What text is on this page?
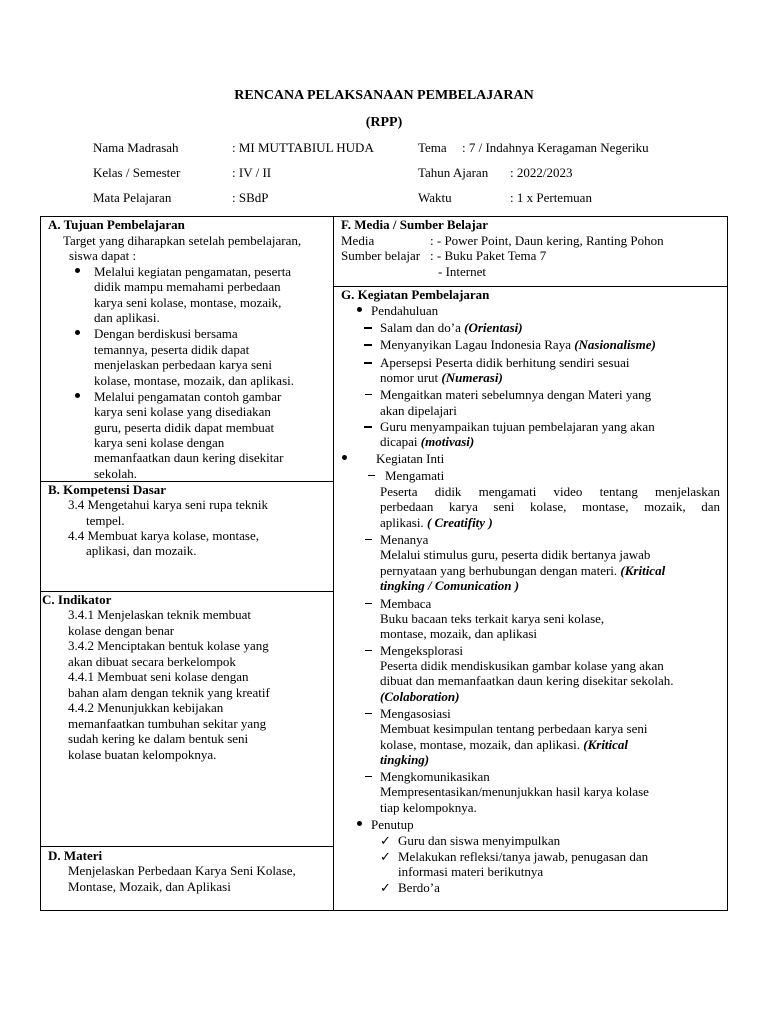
RENCANA PELAKSANAAN PEMBELAJARAN
(RPP)
Nama Madrasah	: MI MUTTABIUL HUDA
Kelas / Semester	: IV / II
Mata Pelajaran	: SBdP
Tema : 7 / Indahnya Keragaman Negeriku
Tahun Ajaran : 2022/2023
Waktu	: 1 x Pertemuan
A. Tujuan Pembelajaran
Target yang diharapkan setelah pembelajaran,
siswa dapat :
Melalui kegiatan pengamatan, peserta
didik mampu memahami perbedaan
karya seni kolase, montase, mozaik,
dan aplikasi.
Dengan berdiskusi bersama
temannya, peserta didik dapat
menjelaskan perbedaan karya seni
kolase, montase, mozaik, dan aplikasi.
Melalui pengamatan contoh gambar
karya seni kolase yang disediakan
guru, peserta didik dapat membuat
karya seni kolase dengan
memanfaatkan daun kering disekitar
sekolah.
B. Kompetensi Dasar
3.4 Mengetahui karya seni rupa teknik
tempel.
4.4 Membuat karya kolase, montase,
aplikasi, dan mozaik.
C. Indikator
3.4.1 Menjelaskan teknik membuat
kolase dengan benar
3.4.2 Menciptakan bentuk kolase yang
akan dibuat secara berkelompok
4.4.1 Membuat seni kolase dengan
bahan alam dengan teknik yang kreatif
4.4.2 Menunjukkan kebijakan
memanfaatkan tumbuhan sekitar yang
sudah kering ke dalam bentuk seni
kolase buatan kelompoknya.
D. Materi
Menjelaskan Perbedaan Karya Seni Kolase,
Montase, Mozaik, dan Aplikasi
F. Media / Sumber Belajar
Media	: - Power Point, Daun kering, Ranting Pohon
Sumber belajar : - Buku Paket Tema 7
- Internet
G. Kegiatan Pembelajaran
Pendahuluan
Salam dan do’a (Orientasi)
Menyanyikan Lagau Indonesia Raya (Nasionalisme)
Apersepsi Peserta didik berhitung sendiri sesuai
nomor urut (Numerasi)
Mengaitkan materi sebelumnya dengan Materi yang
akan dipelajari
Guru menyampaikan tujuan pembelajaran yang akan
dicapai (motivasi)
Kegiatan Inti
Mengamati
Peserta didik mengamati video tentang menjelaskan
perbedaan karya seni kolase, montase, mozaik, dan
aplikasi. ( Creatifity )
Menanya
Melalui stimulus guru, peserta didik bertanya jawab
pernyataan yang berhubungan dengan materi. (Kritical
tingking / Comunication )
Membaca
Buku bacaan teks terkait karya seni kolase,
montase, mozaik, dan aplikasi
Mengeksplorasi
Peserta didik mendiskusikan gambar kolase yang akan
dibuat dan memanfaatkan daun kering disekitar sekolah.
(Colaboration)
Mengasosiasi
Membuat kesimpulan tentang perbedaan karya seni
kolase, montase, mozaik, dan aplikasi. (Kritical
tingking)
Mengkomunikasikan
Mempresentasikan/menunjukkan hasil karya kolase
tiap kelompoknya.
Penutup
✓ Guru dan siswa menyimpulkan
✓ Melakukan refleksi/tanya jawab, penugasan dan
informasi materi berikutnya
✓ Berdo’a
